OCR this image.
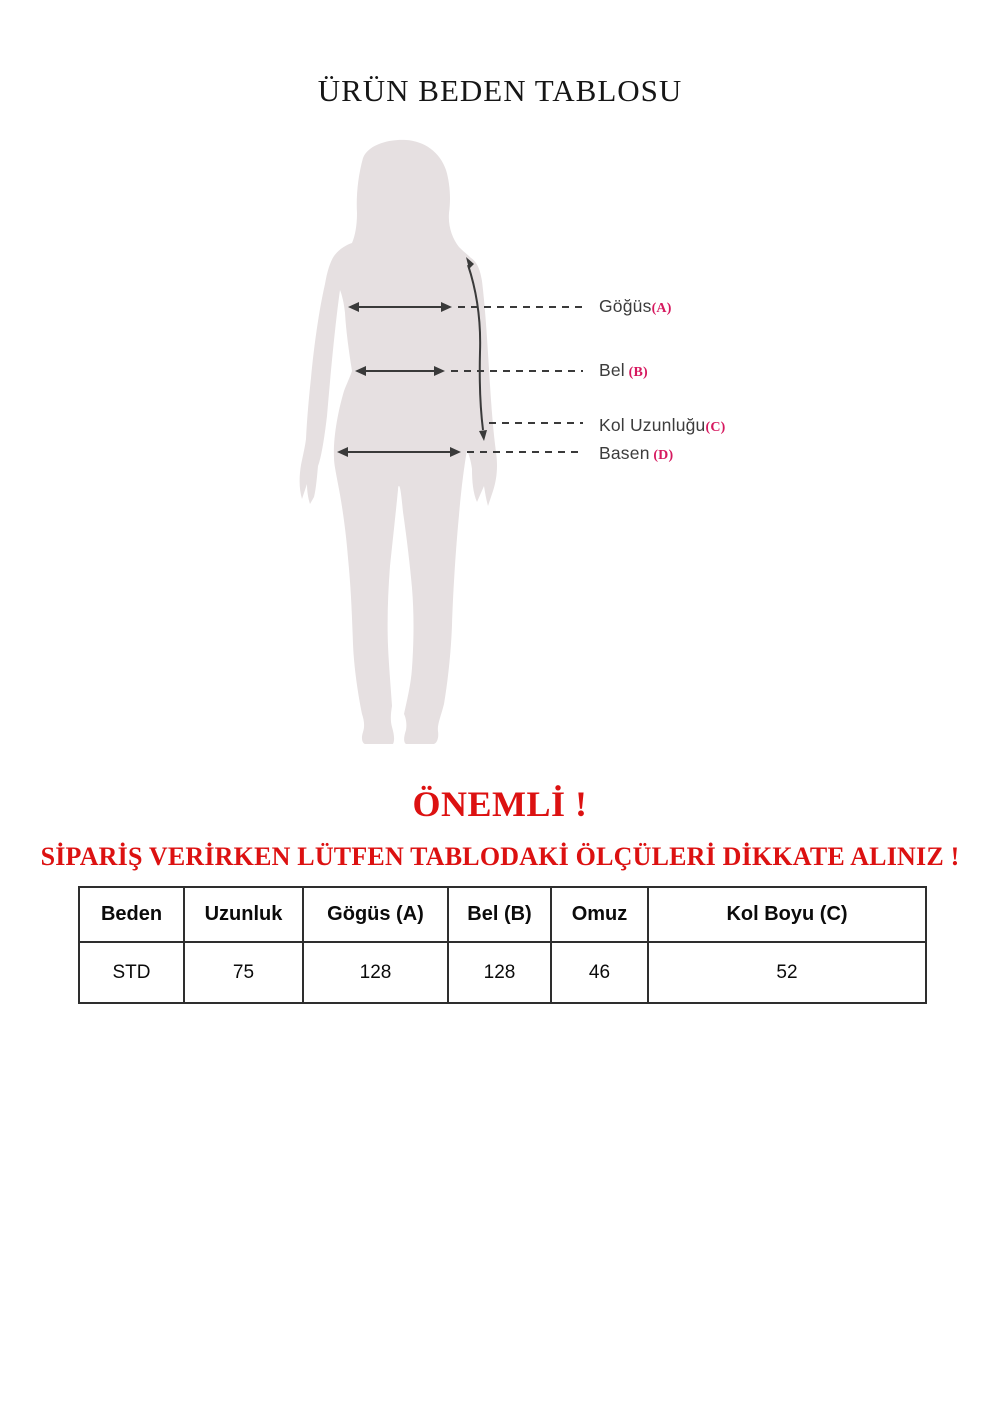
ÜRÜN BEDEN TABLOSU
Göğüs(A)
Bel (B)
Kol Uzunluğu(C)
Basen (D)
ÖNEMLİ !
SİPARİŞ VERİRKEN LÜTFEN TABLODAKİ ÖLÇÜLERİ DİKKATE ALINIZ !
Beden	Uzunluk	Gögüs (A)	Bel (B)	Omuz	Kol Boyu (C)
STD	75	128	128	46	52
